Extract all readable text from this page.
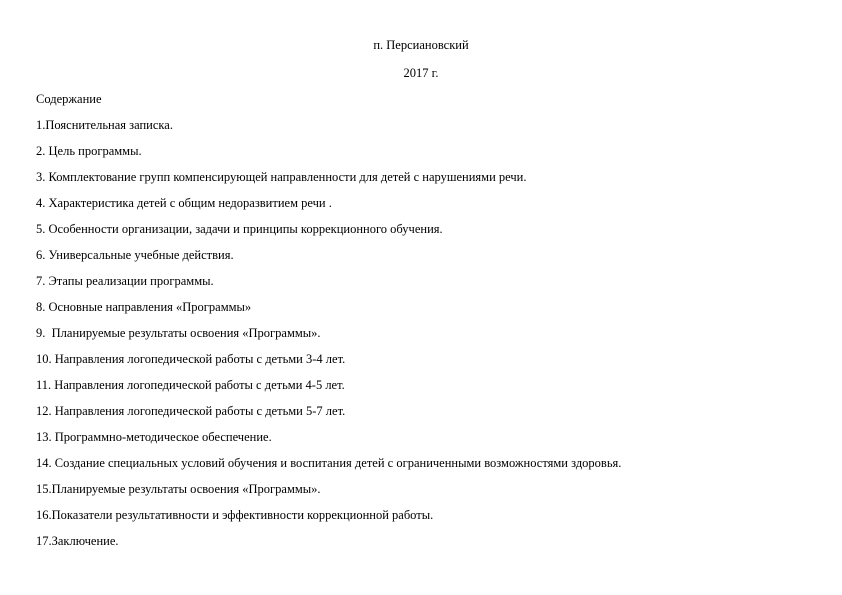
п. Персиановский
2017 г.
Содержание
1.Пояснительная записка.
2. Цель программы.
3. Комплектование групп компенсирующей направленности для детей с нарушениями речи.
4. Характеристика детей с общим недоразвитием речи .
5. Особенности организации, задачи и принципы коррекционного обучения.
6. Универсальные учебные действия.
7. Этапы реализации программы.
8. Основные направления «Программы»
9.  Планируемые результаты освоения «Программы».
10. Направления логопедической работы с детьми 3-4 лет.
11. Направления логопедической работы с детьми 4-5 лет.
12. Направления логопедической работы с детьми 5-7 лет.
13. Программно-методическое обеспечение.
14. Создание специальных условий обучения и воспитания детей с ограниченными возможностями здоровья.
15.Планируемые результаты освоения «Программы».
16.Показатели результативности и эффективности коррекционной работы.
17.Заключение.
